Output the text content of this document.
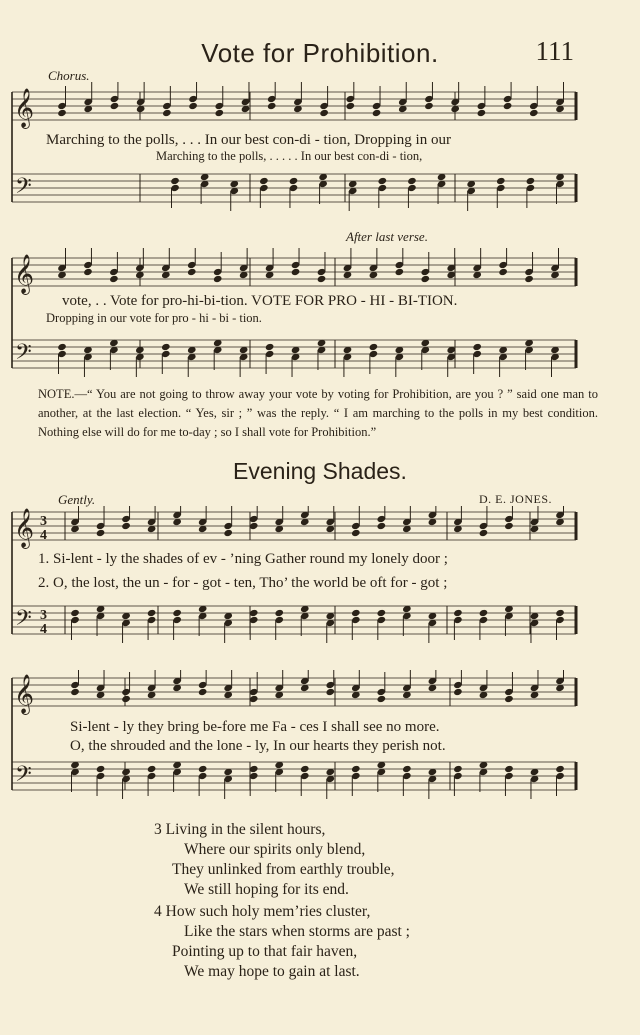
Vote for Prohibition.	111
Chorus.
𝄞
𝄢
Marching to the polls, . . . In our best con-di - tion, Dropping in our
Marching to the polls, . . . . . In our best con-di - tion,
After last verse.
𝄞
𝄢
vote, . . Vote for pro-hi-bi-tion. VOTE FOR PRO - HI - BI-TION.
Dropping in our vote for pro - hi - bi - tion.
NOTE.—“ You are not going to throw away your vote by voting for Prohibition, are you ? ” said one man to another, at the last election. “ Yes, sir ; ” was the reply. “ I am marching to the polls in my best condition. Nothing else will do for me to-day ; so I shall vote for Prohibition.”
Evening Shades.
Gently.	D. E. JONES.
𝄞
𝄢
3
4
3
4
1. Si-lent - ly the shades of ev - ’ning Gather round my lonely door ;
2. O, the lost, the un - for - got - ten, Tho’ the world be oft for - got ;
𝄞
𝄢
Si-lent - ly they bring be-fore me Fa - ces I shall see no more.
O, the shrouded and the lone - ly, In our hearts they perish not.
3 Living in the silent hours,
Where our spirits only blend,
They unlinked from earthly trouble,
We still hoping for its end.
4 How such holy mem’ries cluster,
Like the stars when storms are past ;
Pointing up to that fair haven,
We may hope to gain at last.
